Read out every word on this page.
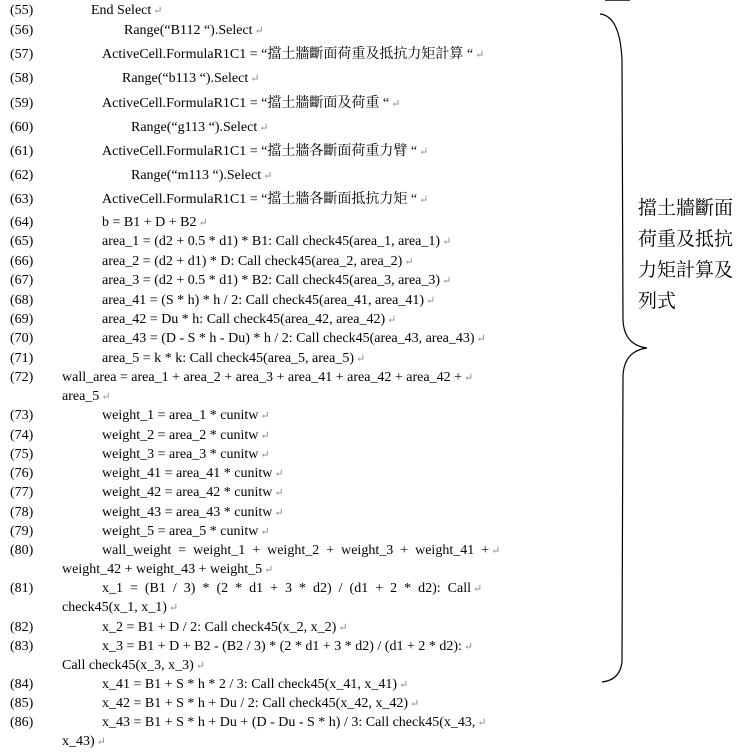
(55)	End Select ↵
(56)	Range(“B112 “).Select ↵
(57)	ActiveCell.FormulaR1C1 = “擋土牆斷面荷重及抵抗力矩計算 “ ↵
(58)	Range(“b113 “).Select ↵
(59)	ActiveCell.FormulaR1C1 = “擋土牆斷面及荷重 “ ↵
(60)	Range(“g113 “).Select ↵
(61)	ActiveCell.FormulaR1C1 = “擋土牆各斷面荷重力臂 “ ↵
(62)	Range(“m113 “).Select ↵
(63)	ActiveCell.FormulaR1C1 = “擋土牆各斷面抵抗力矩 “ ↵
(64)	b = B1 + D + B2 ↵
(65)	area_1 = (d2 + 0.5 * d1) * B1: Call check45(area_1, area_1) ↵
(66)	area_2 = (d2 + d1) * D: Call check45(area_2, area_2) ↵
(67)	area_3 = (d2 + 0.5 * d1) * B2: Call check45(area_3, area_3) ↵
(68)	area_41 = (S * h) * h / 2: Call check45(area_41, area_41) ↵
(69)	area_42 = Du * h: Call check45(area_42, area_42) ↵
(70)	area_43 = (D - S * h - Du) * h / 2: Call check45(area_43, area_43) ↵
(71)	area_5 = k * k: Call check45(area_5, area_5) ↵
(72) wall_area = area_1 + area_2 + area_3 + area_41 + area_42 + area_42 + ↵
area_5 ↵
(73)	weight_1 = area_1 * cunitw ↵
(74)	weight_2 = area_2 * cunitw ↵
(75)	weight_3 = area_3 * cunitw ↵
(76)	weight_41 = area_41 * cunitw ↵
(77)	weight_42 = area_42 * cunitw ↵
(78)	weight_43 = area_43 * cunitw ↵
(79)	weight_5 = area_5 * cunitw ↵
(80)	wall_weight  =  weight_1  +  weight_2  +  weight_3  +  weight_41  + ↵
weight_42 + weight_43 + weight_5 ↵
(81)	x_1  =  (B1  /  3)  *  (2  *  d1  +  3  *  d2)  /  (d1  +  2  *  d2):  Call ↵
check45(x_1, x_1) ↵
(82)	x_2 = B1 + D / 2: Call check45(x_2, x_2) ↵
(83)	x_3 = B1 + D + B2 - (B2 / 3) * (2 * d1 + 3 * d2) / (d1 + 2 * d2): ↵
Call check45(x_3, x_3) ↵
(84)	x_41 = B1 + S * h * 2 / 3: Call check45(x_41, x_41) ↵
(85)	x_42 = B1 + S * h + Du / 2: Call check45(x_42, x_42) ↵
(86)	x_43 = B1 + S * h + Du + (D - Du - S * h) / 3: Call check45(x_43, ↵
x_43) ↵
擋土牆斷面
荷重及抵抗
力矩計算及
列式
